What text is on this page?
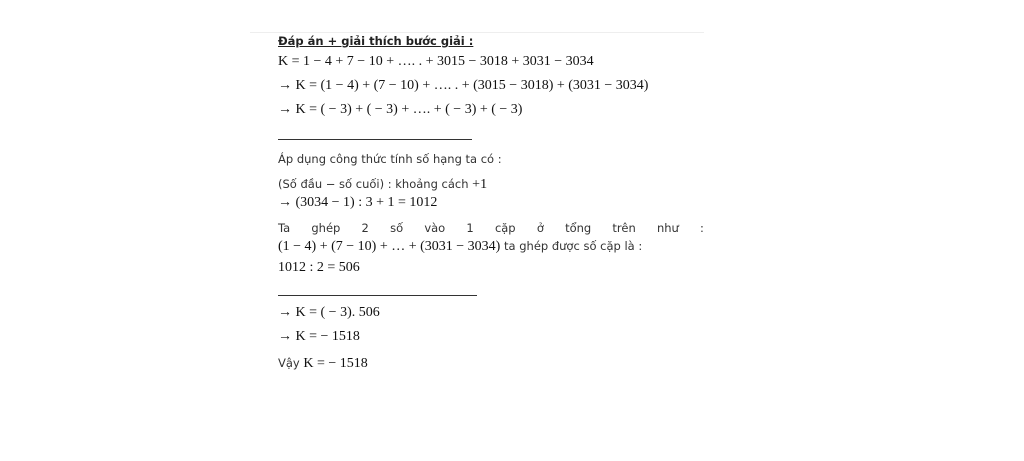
Đáp án + giải thích bước giải :
K = 1 − 4 + 7 − 10 + …. . + 3015 − 3018 + 3031 − 3034
→ K = (1 − 4) + (7 − 10) + …. . + (3015 − 3018) + (3031 − 3034)
→ K = ( − 3) + ( − 3) + …. + ( − 3) + ( − 3)
Áp dụng công thức tính số hạng ta có :
(Số đầu − số cuối) : khoảng cách +1
→ (3034 − 1) : 3 + 1 = 1012
Ta ghép 2 số vào 1 cặp ở tổng trên như :
(1 − 4) + (7 − 10) + … + (3031 − 3034) ta ghép được số cặp là :
1012 : 2 = 506
→ K = ( − 3). 506
→ K = − 1518
Vậy K = − 1518
